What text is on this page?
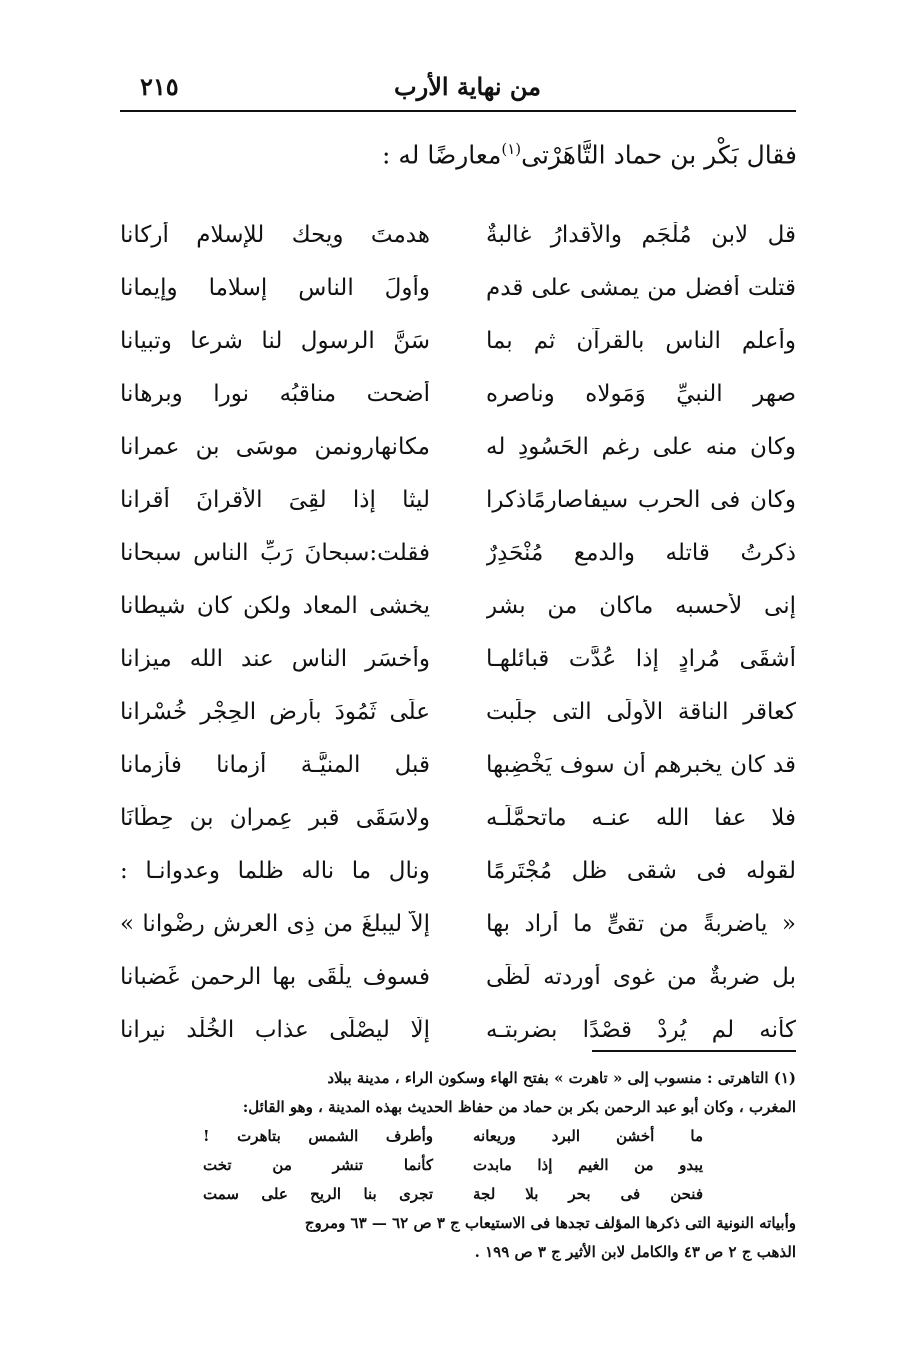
من نهاية الأرب
٢١٥
فقال بَكْر بن حماد التَّاهَرْتى$^{(١)}$معارضًا له :
قل لابن مُلْجَم والأقدارُ غالبةٌ
هدمتَ ويحك للإسلام أركانا
قتلت أفضل من يمشى على قدم
وأولَ الناس إسلاما وإيمانا
وأعلم الناس بالقرآن ثم بما
سَنَّ الرسول لنا شرعا وتبيانا
صهر النبيِّ وَمَولاه وناصره
أضحت مناقبُه نورا وبرهانا
وكان منه على رغم الحَسُودِ له
مكانهارونمن موسَى بن عمرانا
وكان فى الحرب سيفاصارمًاذكرا
ليثا إذا لقِىَ الأقرانَ أقرانا
ذكرتُ قاتله والدمع مُنْحَدِرٌ
فقلت:سبحانَ رَبِّ الناس سبحانا
إنى لأحسبه ماكان من بشر
يخشى المعاد ولكن كان شيطانا
أشقَى مُرادٍ إذا عُدَّت قبائلهـا
وأخسَر الناس عند الله ميزانا
كعاقر الناقة الأُولَى التى جلَبت
علَى ثَمُودَ بأرض الحِجْر خُسْرانا
قد كان يخبرهم أن سوف يَخْضِبها
قبل المنيَّـة أزمانا فأزمانا
فلا عفا الله عنـه ماتحمَّلَـه
ولاسَقَى قبر عِمران بن حِطَّانَا
لقوله فى شقى ظل مُجْتَرِمًا
ونال ما ناله ظلما وعدوانـا :
« ياضربةً من تقىٍّ ما أراد بها
إلاَّ ليبلغَ من ذِى العرشِ رِضْوانا »
بل ضربةٌ من غوى أوردته لَظًى
فسوف يلْقَى بها الرحمن غَضبانا
كأنه لم يُرِدْ قصْدًا بضربتـه
إلَّا ليصْلَى عذاب الخُلْد نيرانا
(١) التاهرتى : منسوب إلى « تاهرت » بفتح الهاء وسكون الراء ، مدينة ببلاد
المغرب ، وكان أبو عبد الرحمن بكر بن حماد من حفاظ الحديث بهذه المدينة ، وهو القائل:
ما أخشن البرد وريعانه
وأطرف الشمس بتاهرت !
يبدو من الغيم إذا مابدت
كأنما تنشر من تخت
فنحن فى بحر بلا لجة
تجرى بنا الريح على سمت
وأبياته النونية التى ذكرها المؤلف تجدها فى الاستيعاب ج ٣ ص ٦٢ — ٦٣ ومروج
الذهب ج ٢ ص ٤٣ والكامل لابن الأثير ج ٣ ص ١٩٩ .
